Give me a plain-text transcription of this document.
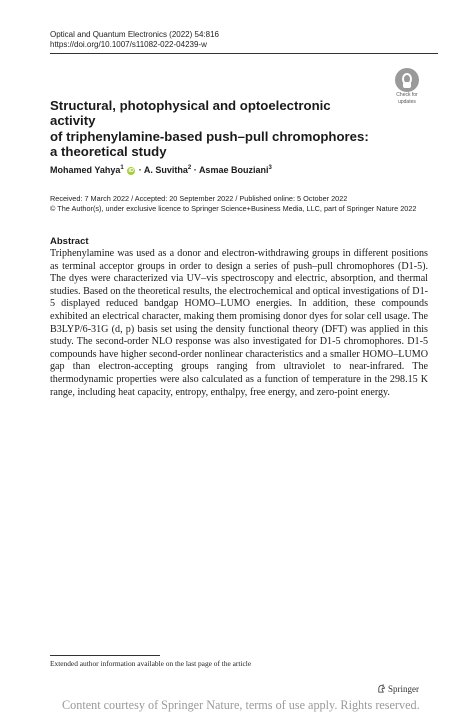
Optical and Quantum Electronics (2022) 54:816
https://doi.org/10.1007/s11082-022-04239-w
Check for
updates
Structural, photophysical and optoelectronic activity
of triphenylamine-based push–pull chromophores:
a theoretical study
Mohamed Yahya$^1$ iD · A. Suvitha$^2$ · Asmae Bouziani$^3$
Received: 7 March 2022 / Accepted: 20 September 2022 / Published online: 5 October 2022
© The Author(s), under exclusive licence to Springer Science+Business Media, LLC, part of Springer Nature 2022
Abstract
Triphenylamine was used as a donor and electron-withdrawing groups in different positions as terminal acceptor groups in order to design a series of push–pull chromophores (D1-5). The dyes were characterized via UV–vis spectroscopy and electric, absorption, and thermal studies. Based on the theoretical results, the electrochemical and optical investigations of D1-5 displayed reduced bandgap HOMO–LUMO energies. In addition, these compounds exhibited an electrical character, making them promising donor dyes for solar cell usage. The B3LYP/6-31G (d, p) basis set using the density functional theory (DFT) was applied in this study. The second-order NLO response was also investigated for D1-5 chromophores. D1-5 compounds have higher second-order nonlinear characteristics and a smaller HOMO–LUMO gap than electron-accepting groups ranging from ultraviolet to near-infrared. The thermodynamic properties were also calculated as a function of temperature in the 298.15 K range, including heat capacity, entropy, enthalpy, free energy, and zero-point energy.
Extended author information available on the last page of the article
Springer
Content courtesy of Springer Nature, terms of use apply. Rights reserved.
